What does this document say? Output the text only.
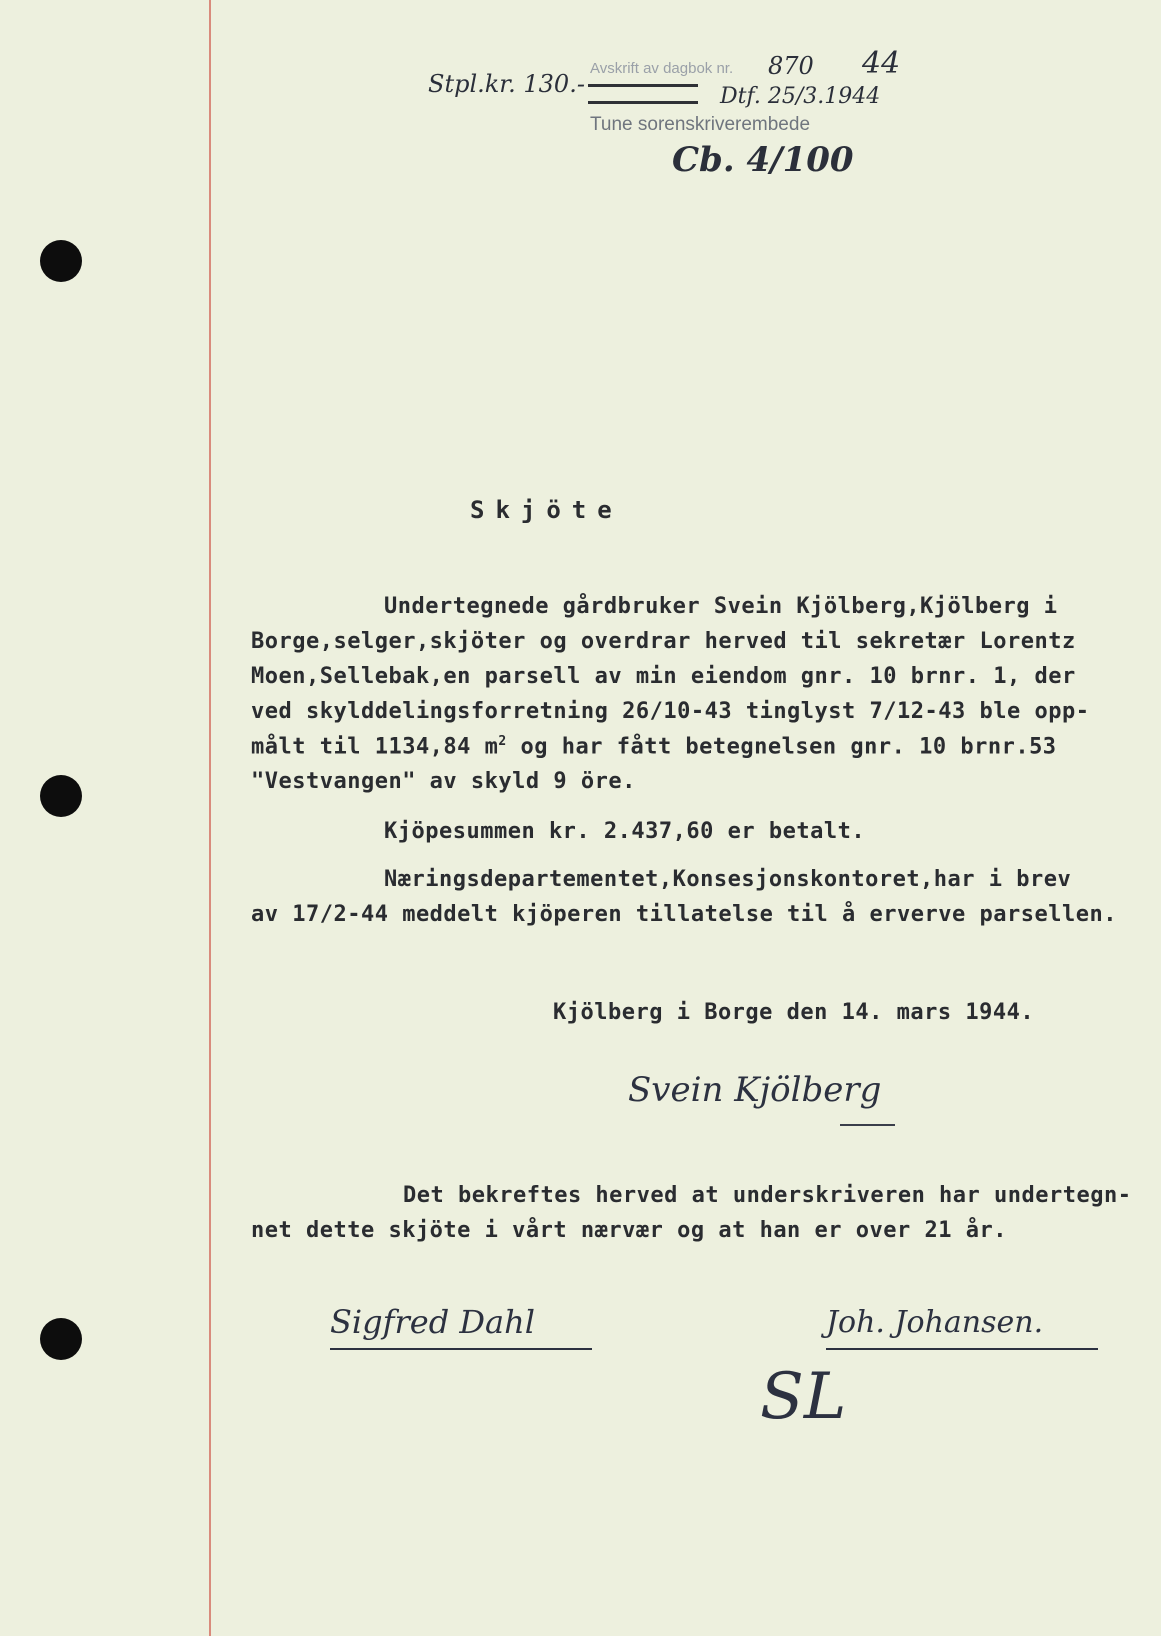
Stpl.kr. 130.-
Avskrift av dagbok nr. 870 44
Dtf. 25/3.1944
Tune sorenskriverembede
Cb. 4/100
Skjöte
Undertegnede gårdbruker Svein Kjölberg,Kjölberg i
Borge,selger,skjöter og overdrar herved til sekretær Lorentz
Moen,Sellebak,en parsell av min eiendom gnr. 10 brnr. 1, der
ved skylddelingsforretning 26/10-43 tinglyst 7/12-43 ble opp-
målt til 1134,84 $m^2$ og har fått betegnelsen gnr. 10 brnr.53
"Vestvangen" av skyld 9 öre.
Kjöpesummen kr. 2.437,60 er betalt.
Næringsdepartementet,Konsesjonskontoret,har i brev
av 17/2-44 meddelt kjöperen tillatelse til å erverve parsellen.
Kjölberg i Borge den 14. mars 1944.
Svein Kjölberg
Det bekreftes herved at underskriveren har undertegn-
net dette skjöte i vårt nærvær og at han er over 21 år.
Sigfred Dahl	Joh. Johansen.
SL
